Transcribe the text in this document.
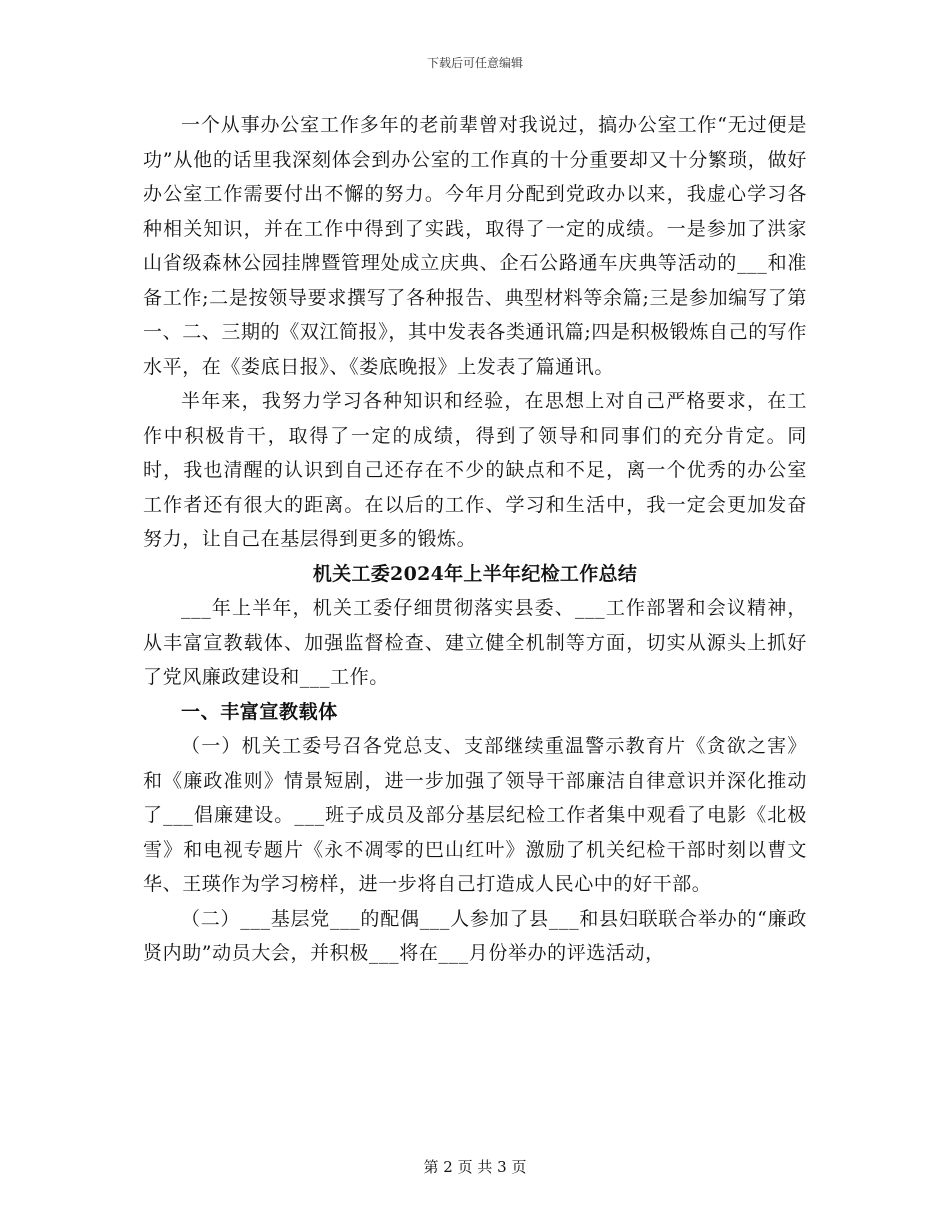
下载后可任意编辑

一个从事办公室工作多年的老前辈曾对我说过，搞办公室工作“无过便是功”从他的话里我深刻体会到办公室的工作真的十分重要却又十分繁琐，做好办公室工作需要付出不懈的努力。今年月分配到党政办以来，我虚心学习各种相关知识，并在工作中得到了实践，取得了一定的成绩。一是参加了洪家山省级森林公园挂牌暨管理处成立庆典、企石公路通车庆典等活动的___和准备工作;二是按领导要求撰写了各种报告、典型材料等余篇;三是参加编写了第一、二、三期的《双江简报》，其中发表各类通讯篇;四是积极锻炼自己的写作水平，在《娄底日报》、《娄底晚报》上发表了篇通讯。

半年来，我努力学习各种知识和经验，在思想上对自己严格要求，在工作中积极肯干，取得了一定的成绩，得到了领导和同事们的充分肯定。同时，我也清醒的认识到自己还存在不少的缺点和不足，离一个优秀的办公室工作者还有很大的距离。在以后的工作、学习和生活中，我一定会更加发奋努力，让自己在基层得到更多的锻炼。

机关工委2024年上半年纪检工作总结

___年上半年，机关工委仔细贯彻落实县委、___工作部署和会议精神，从丰富宣教载体、加强监督检查、建立健全机制等方面，切实从源头上抓好了党风廉政建设和___工作。

一、丰富宣教载体

（一）机关工委号召各党总支、支部继续重温警示教育片《贪欲之害》和《廉政准则》情景短剧，进一步加强了领导干部廉洁自律意识并深化推动了___倡廉建设。___班子成员及部分基层纪检工作者集中观看了电影《北极雪》和电视专题片《永不凋零的巴山红叶》激励了机关纪检干部时刻以曹文华、王瑛作为学习榜样，进一步将自己打造成人民心中的好干部。

（二）___基层党___的配偶___人参加了县___和县妇联联合举办的“廉政贤内助”动员大会，并积极___将在___月份举办的评选活动，

第 2 页 共 3 页
